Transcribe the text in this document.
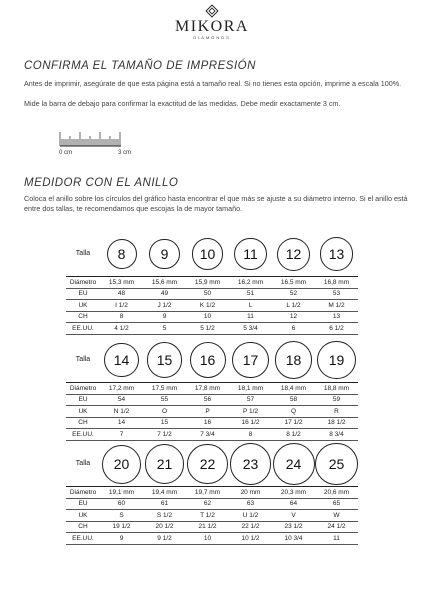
MIKORA
DIAMONDS
CONFIRMA EL TAMAÑO DE IMPRESIÓN
Antes de imprimir, asegúrate de que esta página está a tamaño real. Si no tienes esta opción, imprime a escala 100%.
Mide la barra de debajo para confirmar la exactitud de las medidas. Debe medir exactamente 3 cm.
0 cm	3 cm
MEDIDOR CON EL ANILLO
Coloca el anillo sobre los círculos del gráfico hasta encontrar el que más se ajuste a su diámetro interno. Si el anillo está entre dos tallas, te recomendamos que escojas la de mayor tamaño.
Talla	8	9	10	11	12	13
Diámetro	15,3 mm	15,6 mm	15,9 mm	16,2 mm	16,5 mm	16,8 mm
EU	48	49	50	51	52	53
UK	I 1/2	J 1/2	K 1/2	L	L 1/2	M 1/2
CH	8	9	10	11	12	13
EE.UU.	4 1/2	5	5 1/2	5 3/4	6	6 1/2
Talla	14	15	16	17	18	19
Diámetro	17,2 mm	17,5 mm	17,8 mm	18,1 mm	18,4 mm	18,8 mm
EU	54	55	56	57	58	59
UK	N 1/2	O	P	P 1/2	Q	R
CH	14	15	16	16 1/2	17 1/2	18 1/2
EE.UU.	7	7 1/2	7 3/4	8	8 1/2	8 3/4
Talla	20	21	22	23	24	25
Diámetro	19,1 mm	19,4 mm	19,7 mm	20 mm	20,3 mm	20,6 mm
EU	60	61	62	63	64	65
UK	S	S 1/2	T 1/2	U 1/2	V	W
CH	19 1/2	20 1/2	21 1/2	22 1/2	23 1/2	24 1/2
EE.UU.	9	9 1/2	10	10 1/2	10 3/4	11
